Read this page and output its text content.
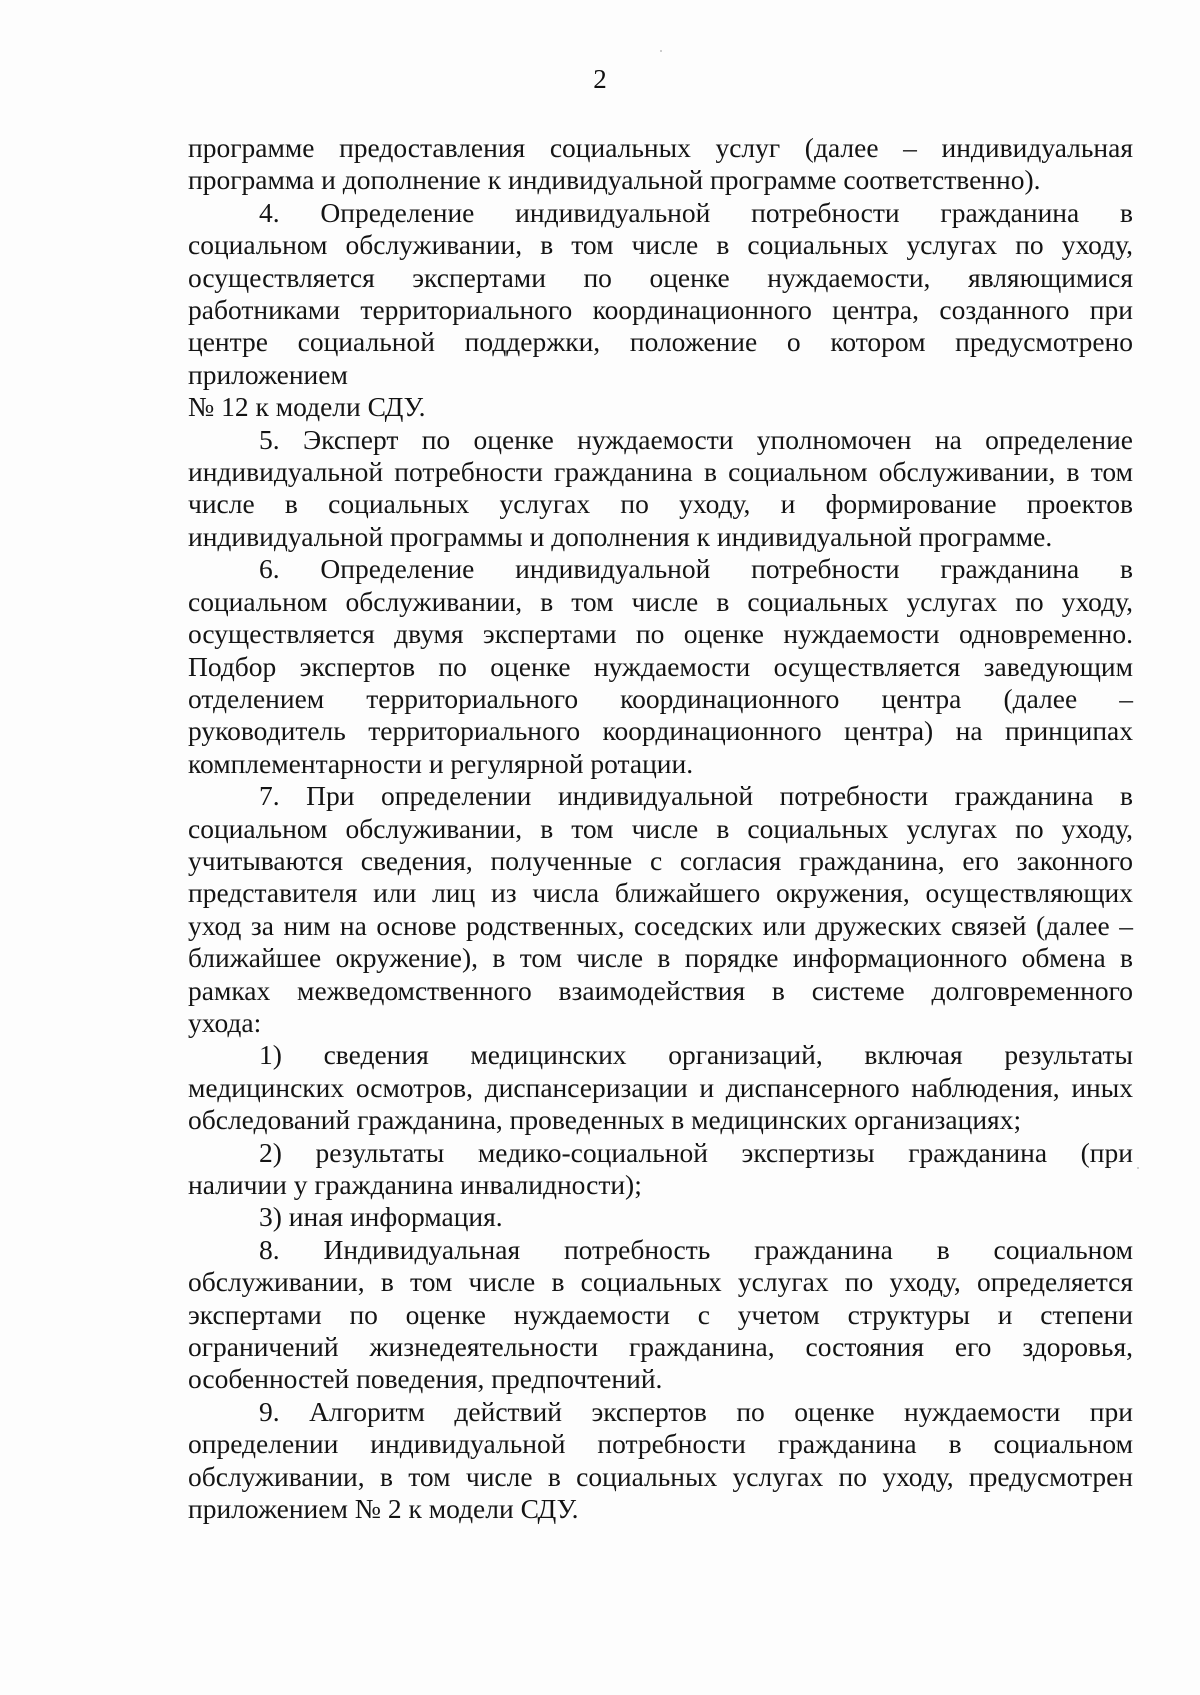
2
программе предоставления социальных услуг (далее – индивидуальная
программа и дополнение к индивидуальной программе соответственно).
4. Определение индивидуальной потребности гражданина в
социальном обслуживании, в том числе в социальных услугах по уходу,
осуществляется экспертами по оценке нуждаемости, являющимися
работниками территориального координационного центра, созданного при
центре социальной поддержки, положение о котором предусмотрено
приложением
№ 12 к модели СДУ.
5. Эксперт по оценке нуждаемости уполномочен на определение
индивидуальной потребности гражданина в социальном обслуживании, в том
числе в социальных услугах по уходу, и формирование проектов
индивидуальной программы и дополнения к индивидуальной программе.
6. Определение индивидуальной потребности гражданина в
социальном обслуживании, в том числе в социальных услугах по уходу,
осуществляется двумя экспертами по оценке нуждаемости одновременно.
Подбор экспертов по оценке нуждаемости осуществляется заведующим
отделением территориального координационного центра (далее –
руководитель территориального координационного центра) на принципах
комплементарности и регулярной ротации.
7. При определении индивидуальной потребности гражданина в
социальном обслуживании, в том числе в социальных услугах по уходу,
учитываются сведения, полученные с согласия гражданина, его законного
представителя или лиц из числа ближайшего окружения, осуществляющих
уход за ним на основе родственных, соседских или дружеских связей (далее –
ближайшее окружение), в том числе в порядке информационного обмена в
рамках межведомственного взаимодействия в системе долговременного
ухода:
1) сведения медицинских организаций, включая результаты
медицинских осмотров, диспансеризации и диспансерного наблюдения, иных
обследований гражданина, проведенных в медицинских организациях;
2) результаты медико-социальной экспертизы гражданина (при
наличии у гражданина инвалидности);
3) иная информация.
8. Индивидуальная потребность гражданина в социальном
обслуживании, в том числе в социальных услугах по уходу, определяется
экспертами по оценке нуждаемости с учетом структуры и степени
ограничений жизнедеятельности гражданина, состояния его здоровья,
особенностей поведения, предпочтений.
9. Алгоритм действий экспертов по оценке нуждаемости при
определении индивидуальной потребности гражданина в социальном
обслуживании, в том числе в социальных услугах по уходу, предусмотрен
приложением № 2 к модели СДУ.
